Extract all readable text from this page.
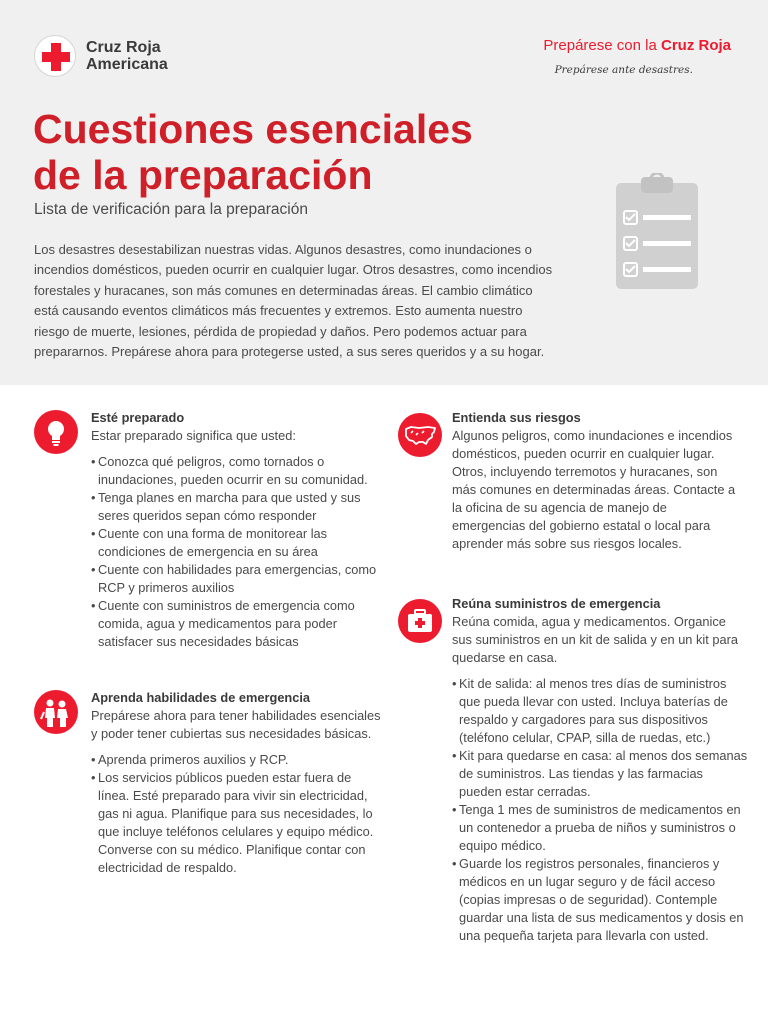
Cruz Roja
Americana
Prepárese con la Cruz Roja
Prepárese ante desastres.
Cuestiones esenciales
de la preparación
Lista de verificación para la preparación

Los desastres desestabilizan nuestras vidas. Algunos desastres, como inundaciones o incendios domésticos, pueden ocurrir en cualquier lugar. Otros desastres, como incendios forestales y huracanes, son más comunes en determinadas áreas. El cambio climático está causando eventos climáticos más frecuentes y extremos. Esto aumenta nuestro riesgo de muerte, lesiones, pérdida de propiedad y daños. Pero podemos actuar para prepararnos. Prepárese ahora para protegerse usted, a sus seres queridos y a su hogar.

Esté preparado
Estar preparado significa que usted:
• Conozca qué peligros, como tornados o inundaciones, pueden ocurrir en su comunidad.
• Tenga planes en marcha para que usted y sus seres queridos sepan cómo responder
• Cuente con una forma de monitorear las condiciones de emergencia en su área
• Cuente con habilidades para emergencias, como RCP y primeros auxilios
• Cuente con suministros de emergencia como comida, agua y medicamentos para poder satisfacer sus necesidades básicas
Aprenda habilidades de emergencia
Prepárese ahora para tener habilidades esenciales y poder tener cubiertas sus necesidades básicas.
• Aprenda primeros auxilios y RCP.
• Los servicios públicos pueden estar fuera de línea. Esté preparado para vivir sin electricidad, gas ni agua. Planifique para sus necesidades, lo que incluye teléfonos celulares y equipo médico. Converse con su médico. Planifique contar con electricidad de respaldo.
Entienda sus riesgos
Algunos peligros, como inundaciones e incendios domésticos, pueden ocurrir en cualquier lugar. Otros, incluyendo terremotos y huracanes, son más comunes en determinadas áreas. Contacte a la oficina de su agencia de manejo de emergencias del gobierno estatal o local para aprender más sobre sus riesgos locales.
Reúna suministros de emergencia
Reúna comida, agua y medicamentos. Organice sus suministros en un kit de salida y en un kit para quedarse en casa.
• Kit de salida: al menos tres días de suministros que pueda llevar con usted. Incluya baterías de respaldo y cargadores para sus dispositivos (teléfono celular, CPAP, silla de ruedas, etc.)
• Kit para quedarse en casa: al menos dos semanas de suministros. Las tiendas y las farmacias pueden estar cerradas.
• Tenga 1 mes de suministros de medicamentos en un contenedor a prueba de niños y suministros o equipo médico.
• Guarde los registros personales, financieros y médicos en un lugar seguro y de fácil acceso (copias impresas o de seguridad). Contemple guardar una lista de sus medicamentos y dosis en una pequeña tarjeta para llevarla con usted.
